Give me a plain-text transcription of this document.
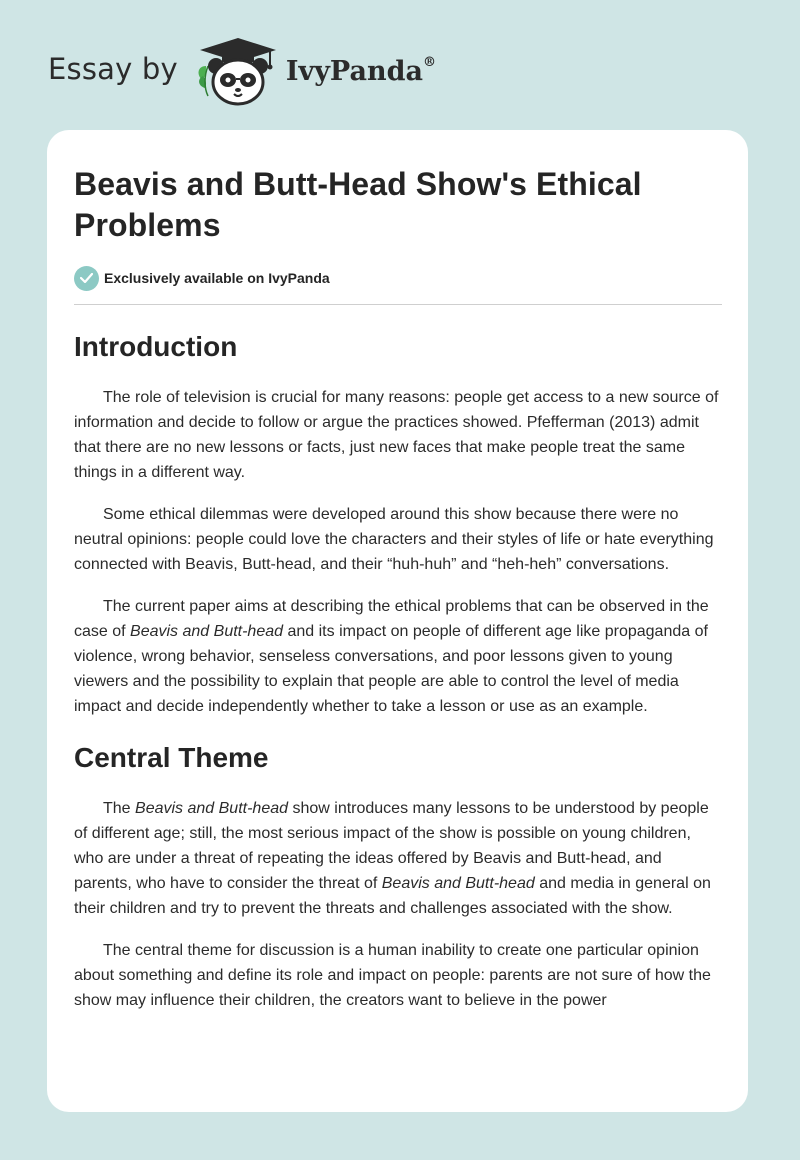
Essay by	IvyPanda®
Beavis and Butt-Head Show's Ethical Problems
Exclusively available on IvyPanda
Introduction

The role of television is crucial for many reasons: people get access to a new source of information and decide to follow or argue the practices showed. Pfefferman (2013) admit that there are no new lessons or facts, just new faces that make people treat the same things in a different way.

Some ethical dilemmas were developed around this show because there were no neutral opinions: people could love the characters and their styles of life or hate everything connected with Beavis, Butt-head, and their “huh-huh” and “heh-heh” conversations.

The current paper aims at describing the ethical problems that can be observed in the case of Beavis and Butt-head and its impact on people of different age like propaganda of violence, wrong behavior, senseless conversations, and poor lessons given to young viewers and the possibility to explain that people are able to control the level of media impact and decide independently whether to take a lesson or use as an example.

Central Theme

The Beavis and Butt-head show introduces many lessons to be understood by people of different age; still, the most serious impact of the show is possible on young children, who are under a threat of repeating the ideas offered by Beavis and Butt-head, and parents, who have to consider the threat of Beavis and Butt-head and media in general on their children and try to prevent the threats and challenges associated with the show.

The central theme for discussion is a human inability to create one particular opinion about something and define its role and impact on people: parents are not sure of how the show may influence their children, the creators want to believe in the power
